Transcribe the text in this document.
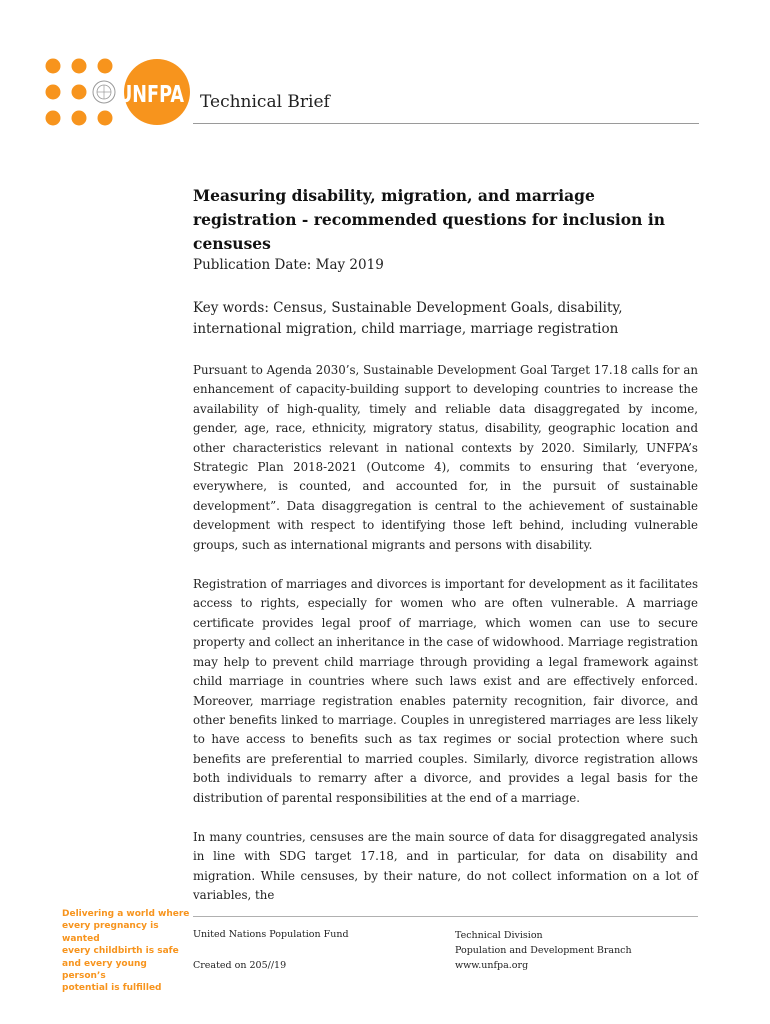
UNFPA Technical Brief
Measuring disability, migration, and marriage registration - recommended questions for inclusion in censuses
Publication Date: May 2019
Key words: Census, Sustainable Development Goals, disability, international migration, child marriage, marriage registration

Pursuant to Agenda 2030’s, Sustainable Development Goal Target 17.18 calls for an enhancement of capacity-building support to developing countries to increase the availability of high-quality, timely and reliable data disaggregated by income, gender, age, race, ethnicity, migratory status, disability, geographic location and other characteristics relevant in national contexts by 2020. Similarly, UNFPA’s Strategic Plan 2018-2021 (Outcome 4), commits to ensuring that ‘everyone, everywhere, is counted, and accounted for, in the pursuit of sustainable development”. Data disaggregation is central to the achievement of sustainable development with respect to identifying those left behind, including vulnerable groups, such as international migrants and persons with disability.

Registration of marriages and divorces is important for development as it facilitates access to rights, especially for women who are often vulnerable. A marriage certificate provides legal proof of marriage, which women can use to secure property and collect an inheritance in the case of widowhood. Marriage registration may help to prevent child marriage through providing a legal framework against child marriage in countries where such laws exist and are effectively enforced. Moreover, marriage registration enables paternity recognition, fair divorce, and other benefits linked to marriage. Couples in unregistered marriages are less likely to have access to benefits such as tax regimes or social protection where such benefits are preferential to married couples. Similarly, divorce registration allows both individuals to remarry after a divorce, and provides a legal basis for the distribution of parental responsibilities at the end of a marriage.

In many countries, censuses are the main source of data for disaggregated analysis in line with SDG target 17.18, and in particular, for data on disability and migration. While censuses, by their nature, do not collect information on a lot of variables, the

Delivering a world where
every pregnancy is wanted
every childbirth is safe
and every young person’s
potential is fulfilled
United Nations Population Fund
Created on 205//19
Technical Division
Population and Development Branch
www.unfpa.org
